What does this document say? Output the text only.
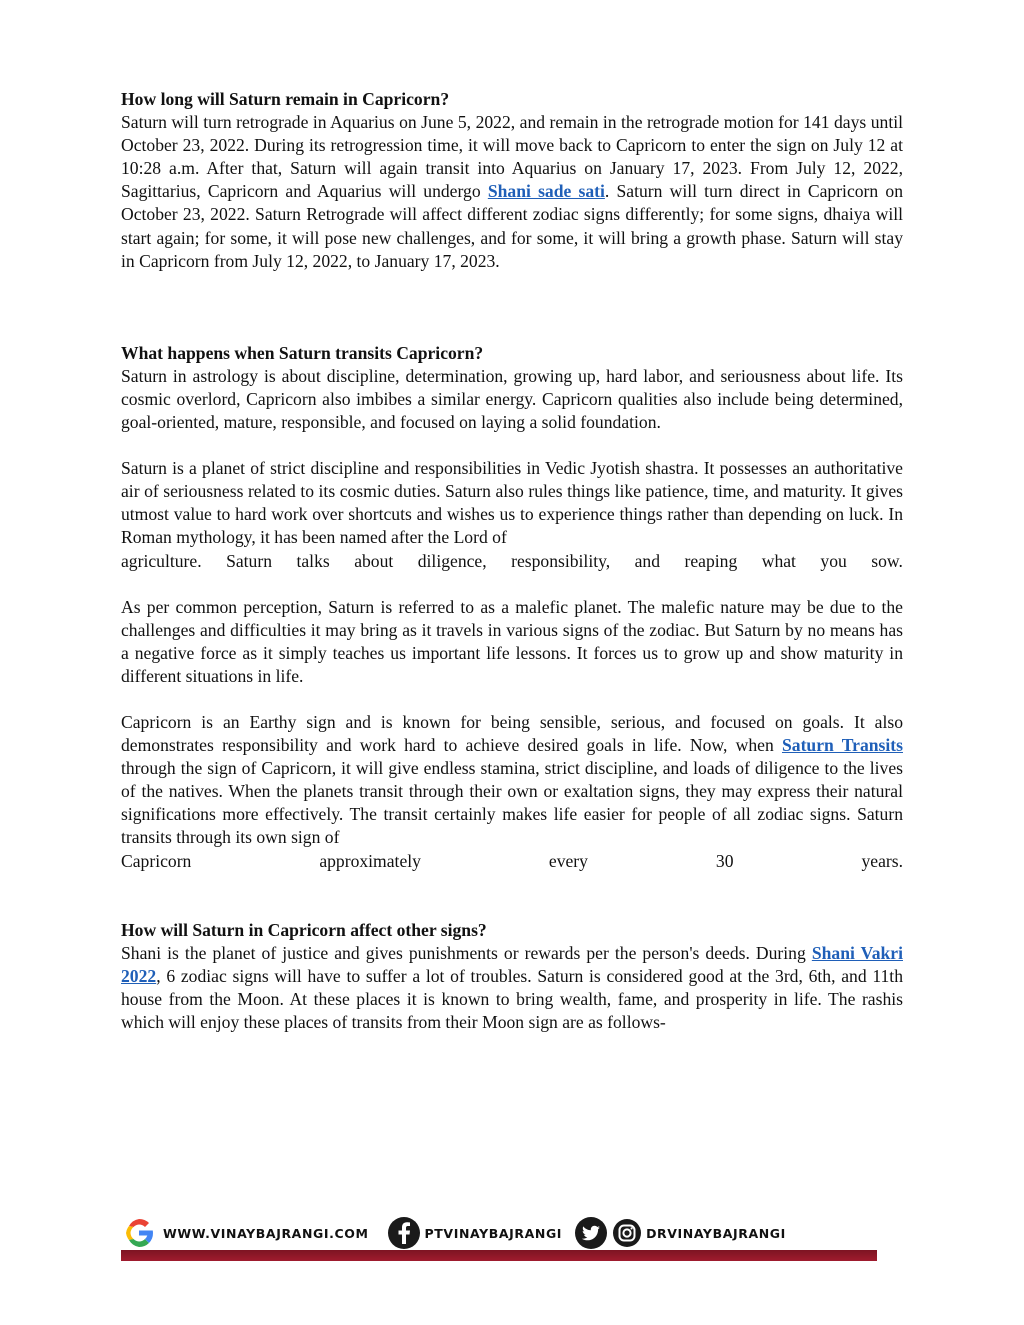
How long will Saturn remain in Capricorn?

Saturn will turn retrograde in Aquarius on June 5, 2022, and remain in the retrograde motion for 141 days until October 23, 2022. During its retrogression time, it will move back to Capricorn to enter the sign on July 12 at 10:28 a.m. After that, Saturn will again transit into Aquarius on January 17, 2023. From July 12, 2022, Sagittarius, Capricorn and Aquarius will undergo Shani sade sati. Saturn will turn direct in Capricorn on October 23, 2022. Saturn Retrograde will affect different zodiac signs differently; for some signs, dhaiya will start again; for some, it will pose new challenges, and for some, it will bring a growth phase. Saturn will stay in Capricorn from July 12, 2022, to January 17, 2023.

What happens when Saturn transits Capricorn?

Saturn in astrology is about discipline, determination, growing up, hard labor, and seriousness about life. Its cosmic overlord, Capricorn also imbibes a similar energy. Capricorn qualities also include being determined, goal-oriented, mature, responsible, and focused on laying a solid foundation.

Saturn is a planet of strict discipline and responsibilities in Vedic Jyotish shastra. It possesses an authoritative air of seriousness related to its cosmic duties. Saturn also rules things like patience, time, and maturity. It gives utmost value to hard work over shortcuts and wishes us to experience things rather than depending on luck. In Roman mythology, it has been named after the Lord of

agriculture. Saturn talks about diligence, responsibility, and reaping what you sow.

As per common perception, Saturn is referred to as a malefic planet. The malefic nature may be due to the challenges and difficulties it may bring as it travels in various signs of the zodiac. But Saturn by no means has a negative force as it simply teaches us important life lessons. It forces us to grow up and show maturity in different situations in life.

Capricorn is an Earthy sign and is known for being sensible, serious, and focused on goals. It also demonstrates responsibility and work hard to achieve desired goals in life. Now, when Saturn Transits through the sign of Capricorn, it will give endless stamina, strict discipline, and loads of diligence to the lives of the natives. When the planets transit through their own or exaltation signs, they may express their natural significations more effectively. The transit certainly makes life easier for people of all zodiac signs. Saturn transits through its own sign of

Capricorn	approximately	every	30	years.
How will Saturn in Capricorn affect other signs?

Shani is the planet of justice and gives punishments or rewards per the person's deeds. During Shani Vakri 2022, 6 zodiac signs will have to suffer a lot of troubles. Saturn is considered good at the 3rd, 6th, and 11th house from the Moon. At these places it is known to bring wealth, fame, and prosperity in life. The rashis which will enjoy these places of transits from their Moon sign are as follows-

WWW.VINAYBAJRANGI.COM	PTVINAYBAJRANGI	DRVINAYBAJRANGI
